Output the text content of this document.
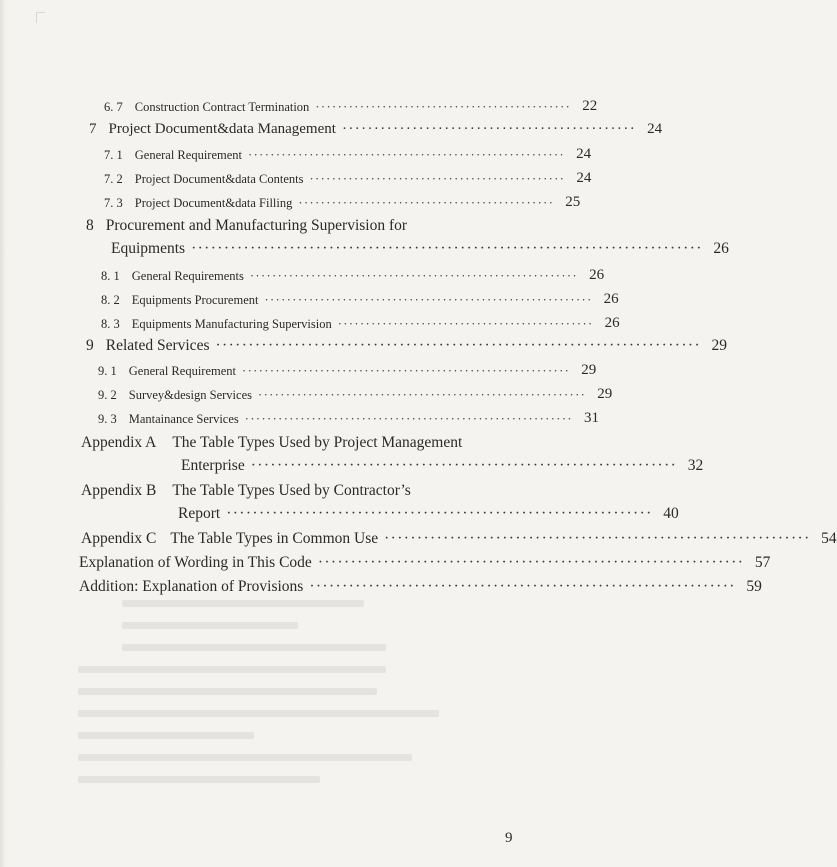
6. 7 Construction Contract Termination ·············································· 22
7 Project Document&data Management ·············································· 24
7. 1 General Requirement ························································· 24
7. 2 Project Document&data Contents ·············································· 24
7. 3 Project Document&data Filling ·············································· 25
8 Procurement and Manufacturing Supervision for
Equipments ·············································································· 26
8. 1 General Requirements ··························································· 26
8. 2 Equipments Procurement ··························································· 26
8. 3 Equipments Manufacturing Supervision ·············································· 26
9 Related Services ·········································································· 29
9. 1 General Requirement ··························································· 29
9. 2 Survey&design Services ··························································· 29
9. 3 Mantainance Services ··························································· 31
Appendix A The Table Types Used by Project Management
Enterprise ································································· 32
Appendix B The Table Types Used by Contractor’s
Report ································································· 40
Appendix C The Table Types in Common Use ································································· 54
Explanation of Wording in This Code ································································· 57
Addition: Explanation of Provisions ································································· 59
9
